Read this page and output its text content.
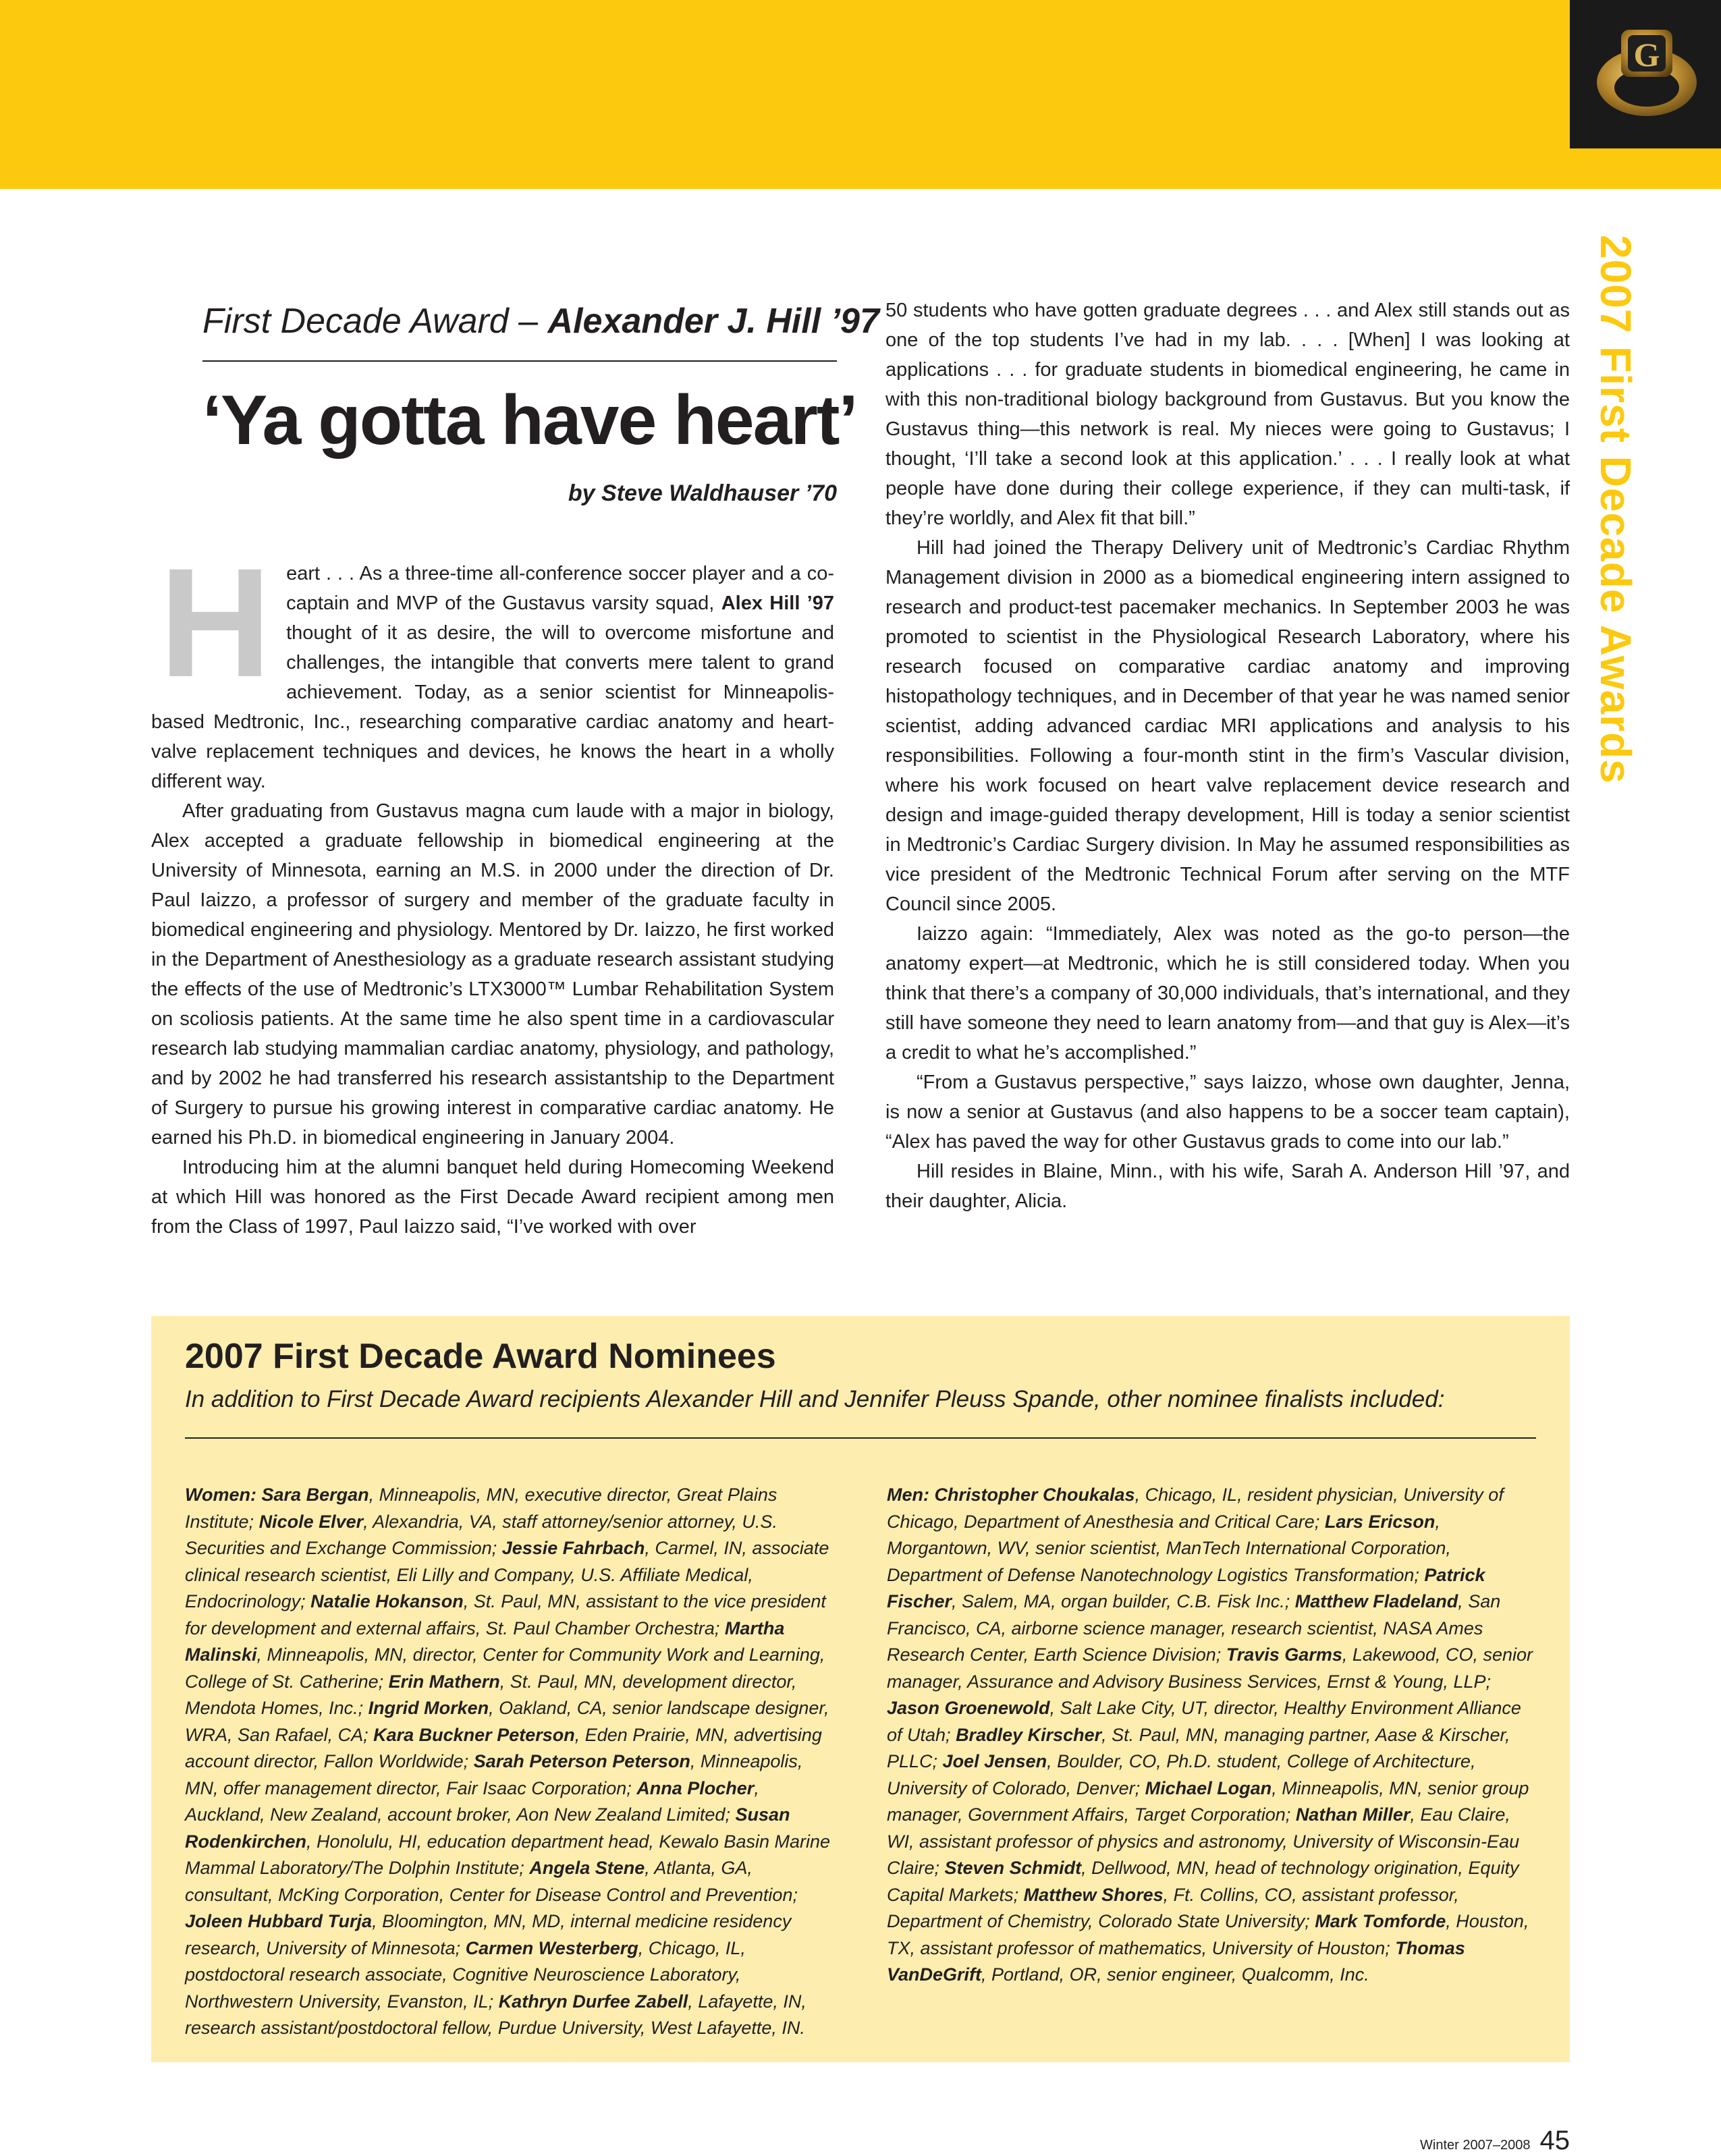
G
2007 First Decade Awards
First Decade Award – Alexander J. Hill ’97
‘Ya gotta have heart’
by Steve Waldhauser ’70

Heart . . . As a three-time all-conference soccer player and a co-captain and MVP of the Gustavus varsity squad, Alex Hill ’97 thought of it as desire, the will to overcome misfortune and challenges, the intangible that converts mere talent to grand achievement. Today, as a senior scientist for Minneapolis-based Medtronic, Inc., researching comparative cardiac anatomy and heart-valve replacement techniques and devices, he knows the heart in a wholly different way.

After graduating from Gustavus magna cum laude with a major in biology, Alex accepted a graduate fellowship in biomedical engineering at the University of Minnesota, earning an M.S. in 2000 under the direction of Dr. Paul Iaizzo, a professor of surgery and member of the graduate faculty in biomedical engineering and physiology. Mentored by Dr. Iaizzo, he first worked in the Department of Anesthesiology as a graduate research assistant studying the effects of the use of Medtronic’s LTX3000™ Lumbar Rehabilitation System on scoliosis patients. At the same time he also spent time in a cardiovascular research lab studying mammalian cardiac anatomy, physiology, and pathology, and by 2002 he had transferred his research assistantship to the Department of Surgery to pursue his growing interest in comparative cardiac anatomy. He earned his Ph.D. in biomedical engineering in January 2004.

Introducing him at the alumni banquet held during Homecoming Weekend at which Hill was honored as the First Decade Award recipient among men from the Class of 1997, Paul Iaizzo said, “I’ve worked with over

50 students who have gotten graduate degrees . . . and Alex still stands out as one of the top students I’ve had in my lab. . . . [When] I was looking at applications . . . for graduate students in biomedical engineering, he came in with this non-traditional biology background from Gustavus. But you know the Gustavus thing—this network is real. My nieces were going to Gustavus; I thought, ‘I’ll take a second look at this application.’ . . . I really look at what people have done during their college experience, if they can multi-task, if they’re worldly, and Alex fit that bill.”

Hill had joined the Therapy Delivery unit of Medtronic’s Cardiac Rhythm Management division in 2000 as a biomedical engineering intern assigned to research and product-test pacemaker mechanics. In September 2003 he was promoted to scientist in the Physiological Research Laboratory, where his research focused on comparative cardiac anatomy and improving histopathology techniques, and in December of that year he was named senior scientist, adding advanced cardiac MRI applications and analysis to his responsibilities. Following a four-month stint in the firm’s Vascular division, where his work focused on heart valve replacement device research and design and image-guided therapy development, Hill is today a senior scientist in Medtronic’s Cardiac Surgery division. In May he assumed responsibilities as vice president of the Medtronic Technical Forum after serving on the MTF Council since 2005.

Iaizzo again: “Immediately, Alex was noted as the go-to person—the anatomy expert—at Medtronic, which he is still considered today. When you think that there’s a company of 30,000 individuals, that’s international, and they still have someone they need to learn anatomy from—and that guy is Alex—it’s a credit to what he’s accomplished.”

“From a Gustavus perspective,” says Iaizzo, whose own daughter, Jenna, is now a senior at Gustavus (and also happens to be a soccer team captain), “Alex has paved the way for other Gustavus grads to come into our lab.”

Hill resides in Blaine, Minn., with his wife, Sarah A. Anderson Hill ’97, and their daughter, Alicia.

2007 First Decade Award Nominees
In addition to First Decade Award recipients Alexander Hill and Jennifer Pleuss Spande, other nominee finalists included:
Women: Sara Bergan, Minneapolis, MN, executive director, Great Plains Institute; Nicole Elver, Alexandria, VA, staff attorney/senior attorney, U.S. Securities and Exchange Commission; Jessie Fahrbach, Carmel, IN, associate clinical research scientist, Eli Lilly and Company, U.S. Affiliate Medical, Endocrinology; Natalie Hokanson, St. Paul, MN, assistant to the vice president for development and external affairs, St. Paul Chamber Orchestra; Martha Malinski, Minneapolis, MN, director, Center for Community Work and Learning, College of St. Catherine; Erin Mathern, St. Paul, MN, development director, Mendota Homes, Inc.; Ingrid Morken, Oakland, CA, senior landscape designer, WRA, San Rafael, CA; Kara Buckner Peterson, Eden Prairie, MN, advertising account director, Fallon Worldwide; Sarah Peterson Peterson, Minneapolis, MN, offer management director, Fair Isaac Corporation; Anna Plocher, Auckland, New Zealand, account broker, Aon New Zealand Limited; Susan Rodenkirchen, Honolulu, HI, education department head, Kewalo Basin Marine Mammal Laboratory/The Dolphin Institute; Angela Stene, Atlanta, GA, consultant, McKing Corporation, Center for Disease Control and Prevention; Joleen Hubbard Turja, Bloomington, MN, MD, internal medicine residency research, University of Minnesota; Carmen Westerberg, Chicago, IL, postdoctoral research associate, Cognitive Neuroscience Laboratory, Northwestern University, Evanston, IL; Kathryn Durfee Zabell, Lafayette, IN, research assistant/postdoctoral fellow, Purdue University, West Lafayette, IN.
Men: Christopher Choukalas, Chicago, IL, resident physician, University of Chicago, Department of Anesthesia and Critical Care; Lars Ericson, Morgantown, WV, senior scientist, ManTech International Corporation, Department of Defense Nanotechnology Logistics Transformation; Patrick Fischer, Salem, MA, organ builder, C.B. Fisk Inc.; Matthew Fladeland, San Francisco, CA, airborne science manager, research scientist, NASA Ames Research Center, Earth Science Division; Travis Garms, Lakewood, CO, senior manager, Assurance and Advisory Business Services, Ernst & Young, LLP; Jason Groenewold, Salt Lake City, UT, director, Healthy Environment Alliance of Utah; Bradley Kirscher, St. Paul, MN, managing partner, Aase & Kirscher, PLLC; Joel Jensen, Boulder, CO, Ph.D. student, College of Architecture, University of Colorado, Denver; Michael Logan, Minneapolis, MN, senior group manager, Government Affairs, Target Corporation; Nathan Miller, Eau Claire, WI, assistant professor of physics and astronomy, University of Wisconsin-Eau Claire; Steven Schmidt, Dellwood, MN, head of technology origination, Equity Capital Markets; Matthew Shores, Ft. Collins, CO, assistant professor, Department of Chemistry, Colorado State University; Mark Tomforde, Houston, TX, assistant professor of mathematics, University of Houston; Thomas VanDeGrift, Portland, OR, senior engineer, Qualcomm, Inc.
Winter 2007–2008 45
